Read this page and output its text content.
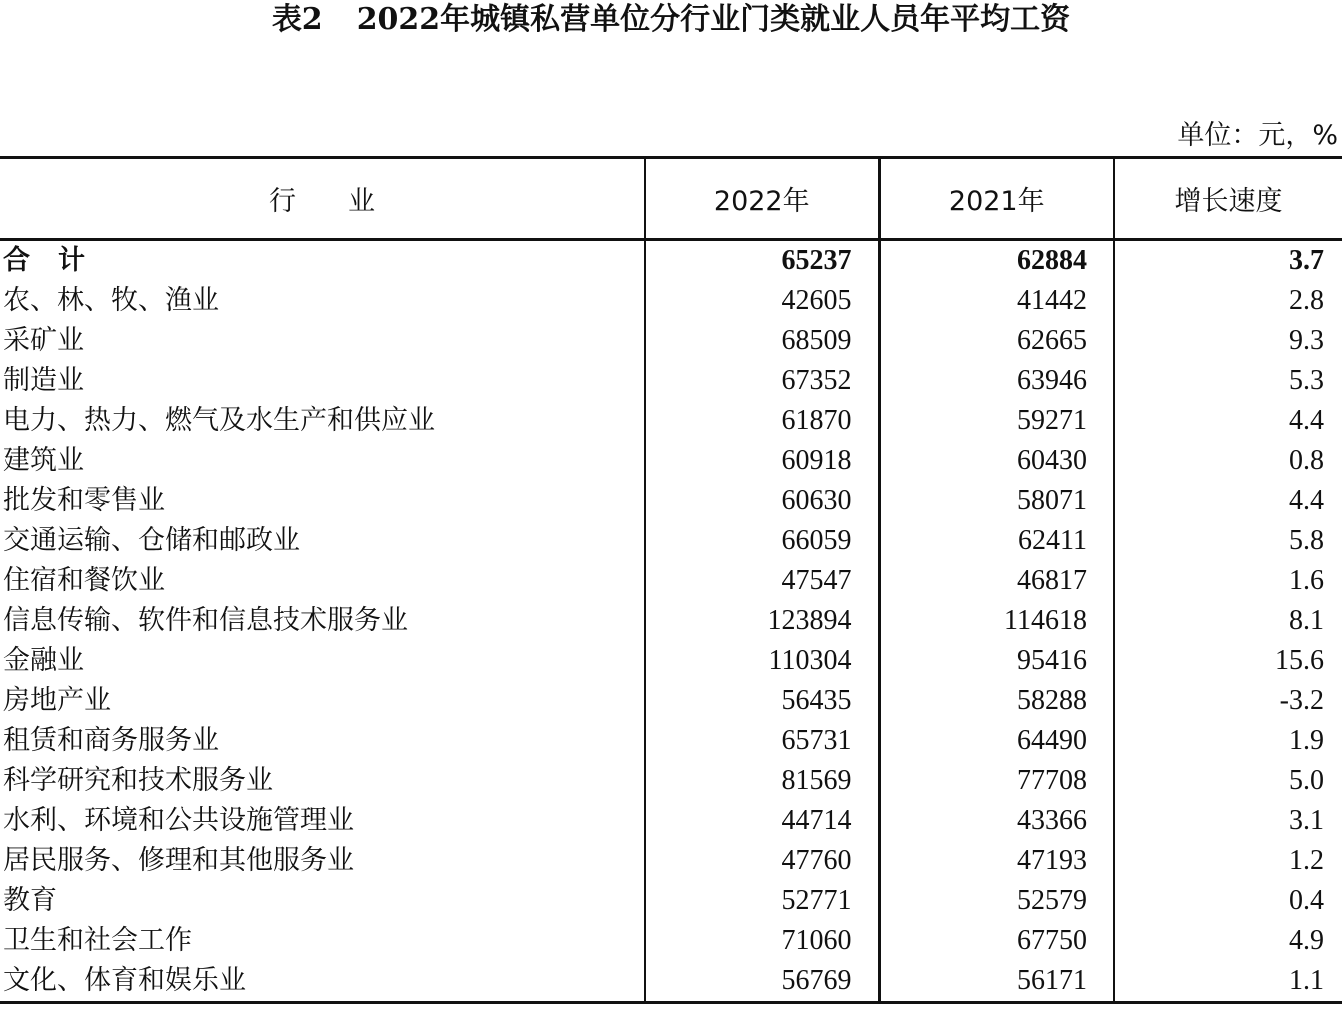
表2 2022年城镇私营单位分行业门类就业人员年平均工资
单位：元，%
行业	2022年	2021年	增长速度
合计	65237	62884	3.7
农、林、牧、渔业	42605	41442	2.8
采矿业	68509	62665	9.3
制造业	67352	63946	5.3
电力、热力、燃气及水生产和供应业	61870	59271	4.4
建筑业	60918	60430	0.8
批发和零售业	60630	58071	4.4
交通运输、仓储和邮政业	66059	62411	5.8
住宿和餐饮业	47547	46817	1.6
信息传输、软件和信息技术服务业	123894	114618	8.1
金融业	110304	95416	15.6
房地产业	56435	58288	-3.2
租赁和商务服务业	65731	64490	1.9
科学研究和技术服务业	81569	77708	5.0
水利、环境和公共设施管理业	44714	43366	3.1
居民服务、修理和其他服务业	47760	47193	1.2
教育	52771	52579	0.4
卫生和社会工作	71060	67750	4.9
文化、体育和娱乐业	56769	56171	1.1
